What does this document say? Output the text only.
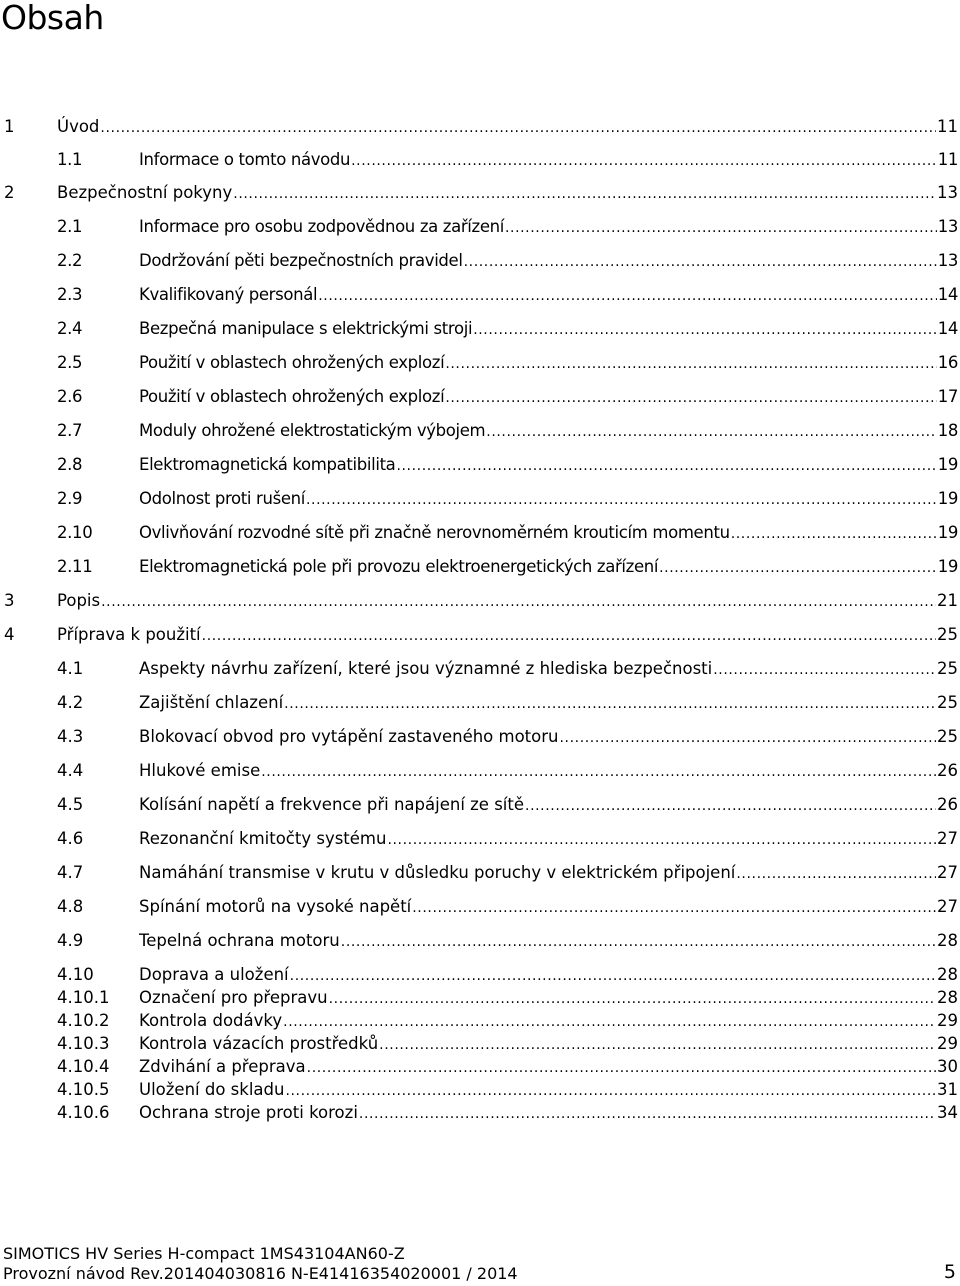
Obsah
1	Úvod .....	11
1.1	Informace o tomto návodu .....	11
2	Bezpečnostní pokyny .....	13
2.1	Informace pro osobu zodpovědnou za zařízení .....	13
2.2	Dodržování pěti bezpečnostních pravidel .....	13
2.3	Kvalifikovaný personál .....	14
2.4	Bezpečná manipulace s elektrickými stroji .....	14
2.5	Použití v oblastech ohrožených explozí .....	16
2.6	Použití v oblastech ohrožených explozí .....	17
2.7	Moduly ohrožené elektrostatickým výbojem .....	18
2.8	Elektromagnetická kompatibilita .....	19
2.9	Odolnost proti rušení .....	19
2.10	Ovlivňování rozvodné sítě při značně nerovnoměrném krouticím momentu .....	19
2.11	Elektromagnetická pole při provozu elektroenergetických zařízení .....	19
3	Popis .....	21
4	Příprava k použití .....	25
4.1	Aspekty návrhu zařízení, které jsou významné z hlediska bezpečnosti .....	25
4.2	Zajištění chlazení .....	25
4.3	Blokovací obvod pro vytápění zastaveného motoru .....	25
4.4	Hlukové emise .....	26
4.5	Kolísání napětí a frekvence při napájení ze sítě .....	26
4.6	Rezonanční kmitočty systému .....	27
4.7	Namáhání transmise v krutu v důsledku poruchy v elektrickém připojení .....	27
4.8	Spínání motorů na vysoké napětí .....	27
4.9	Tepelná ochrana motoru .....	28
4.10	Doprava a uložení .....	28
4.10.1 Označení pro přepravu .....	28
4.10.2 Kontrola dodávky .....	29
4.10.3 Kontrola vázacích prostředků .....	29
4.10.4 Zdvihání a přeprava .....	30
4.10.5 Uložení do skladu .....	31
4.10.6 Ochrana stroje proti korozi .....	34
SIMOTICS HV Series H-compact 1MS43104AN60-Z
Provozní návod Rev.201404030816 N-E41416354020001 / 2014	5
